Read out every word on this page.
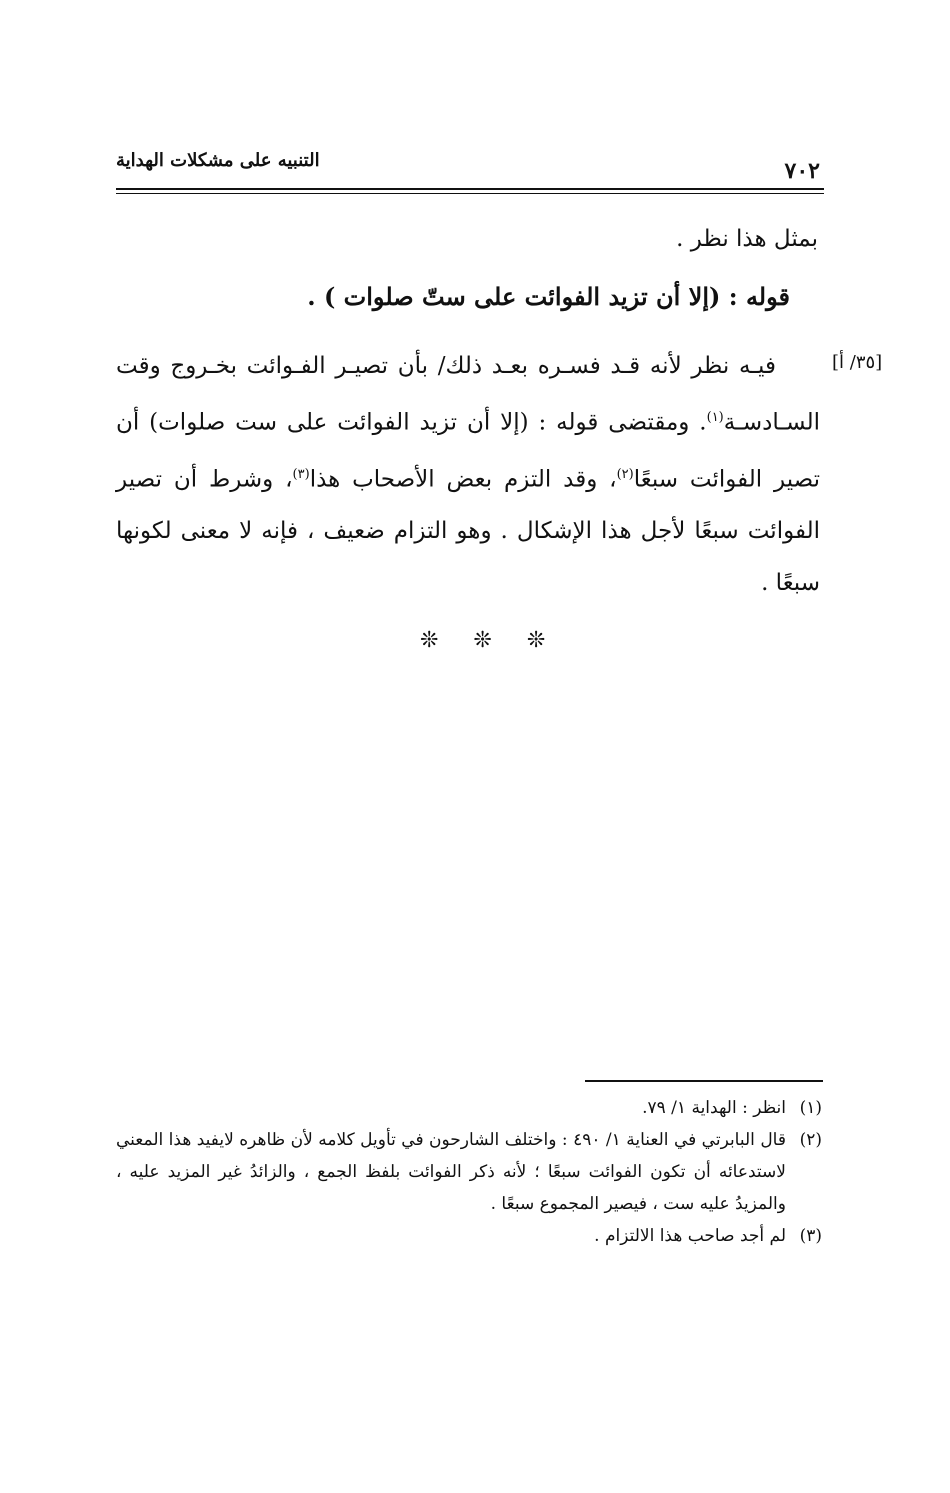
التنبيه على مشكلات الهداية	٧٠٢
بمثل هذا نظر .
قوله : (إلا أن تزيد الفوائت على ستّ صلوات ) .
[٣٥/ أ]
فيـه نظر لأنه قـد فسـره بعـد ذلك/ بأن تصيـر الفـوائت بخـروج وقت السـادسـة$^{(١)}$. ومقتضى قوله : (إلا أن تزيد الفوائت على ست صلوات) أن تصير الفوائت سبعًا$^{(٢)}$، وقد التزم بعض الأصحاب هذا$^{(٣)}$، وشرط أن تصير الفوائت سبعًا لأجل هذا الإشكال . وهو التزام ضعيف ، فإنه لا معنى لكونها سبعًا .
❊ ❊ ❊
(١)
انظر : الهداية ١/ ٧٩.
(٢)
قال البابرتي في العناية ١/ ٤٩٠ : واختلف الشارحون في تأويل كلامه لأن ظاهره لايفيد هذا المعني لاستدعائه أن تكون الفوائت سبعًا ؛ لأنه ذكر الفوائت بلفظ الجمع ، والزائدُ غير المزيد عليه ، والمزيدُ عليه ست ، فيصير المجموع سبعًا .
(٣)
لم أجد صاحب هذا الالتزام .
